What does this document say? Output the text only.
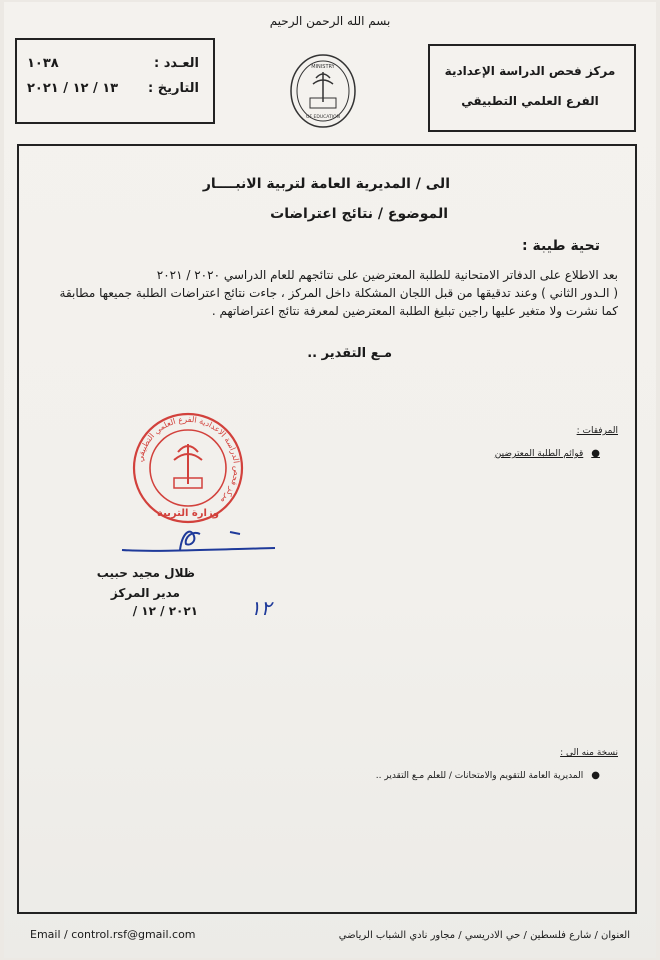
بسم الله الرحمن الرحيم
العـدد :
١٠٣٨
التاريخ :
١٣ / ١٢ / ٢٠٢١
MINISTRY
OF EDUCATION
مركز فحص الدراسة الإعدادية
الفرع العلمي التطبيقي
الى / المديرية العامة لتربية الانبــــار
الموضوع / نتائج اعتراضات
تحية طيبة :

بعد الاطلاع على الدفاتر الامتحانية للطلبة المعترضين على نتائجهم للعام الدراسي ٢٠٢٠ / ٢٠٢١

( الـدور الثاني ) وعند تدقيقها من قبل اللجان المشكلة داخل المركز ، جاءت نتائج اعتراضات الطلبة جميعها مطابقة

كما نشرت ولا متغير عليها راجين تبليغ الطلبة المعترضين لمعرفة نتائج اعتراضاتهم .

مـع التقدير ..
المرفقات :
●قوائم الطلبة المعترضين
مركز فحص الدراسة الاعدادية الفرع العلمي التطبيقي
وزارة التربية
ظلال مجيد حبيب
مدير المركز
٢٠٢١ / ١٢ /	١٢
نسخة منه الى :
●المديرية العامة للتقويم والامتحانات / للعلم مـع التقدير ..
العنوان / شارع فلسطين / حي الادريسي / مجاور نادي الشباب الرياضي
Email / control.rsf@gmail.com
